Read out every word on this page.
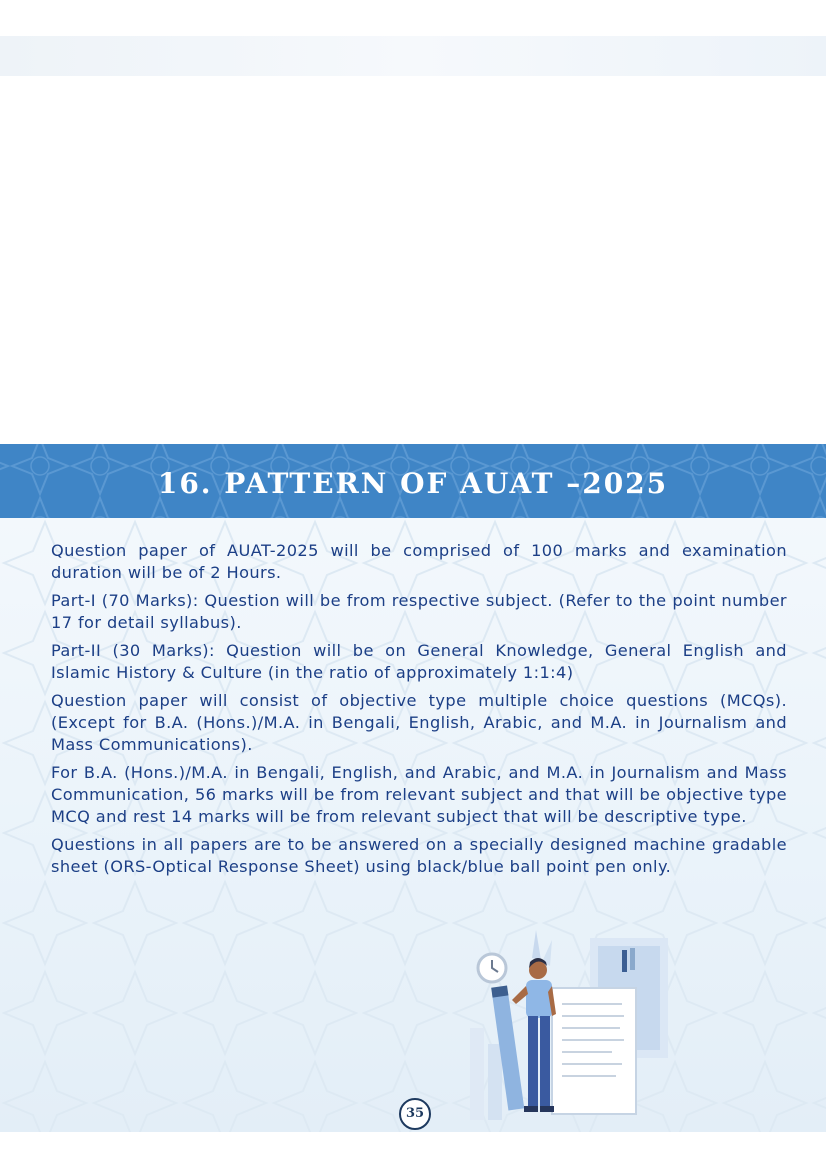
16. PATTERN OF AUAT –2025

Question paper of AUAT-2025 will be comprised of 100 marks and examination duration will be of 2 Hours.

Part-I (70 Marks): Question will be from respective subject. (Refer to the point number 17 for detail syllabus).

Part-II (30 Marks): Question will be on General Knowledge, General English and Islamic History & Culture (in the ratio of approximately 1:1:4)

Question paper will consist of objective type multiple choice questions (MCQs). (Except for B.A. (Hons.)/M.A. in Bengali, English, Arabic, and M.A. in Journalism and Mass Communications).

For B.A. (Hons.)/M.A. in Bengali, English, and Arabic, and M.A. in Journalism and Mass Communication, 56 marks will be from relevant subject and that will be objective type MCQ and rest 14 marks will be from relevant subject that will be descriptive type.

Questions in all papers are to be answered on a specially designed machine gradable sheet (ORS-Optical Response Sheet) using black/blue ball point pen only.

35
